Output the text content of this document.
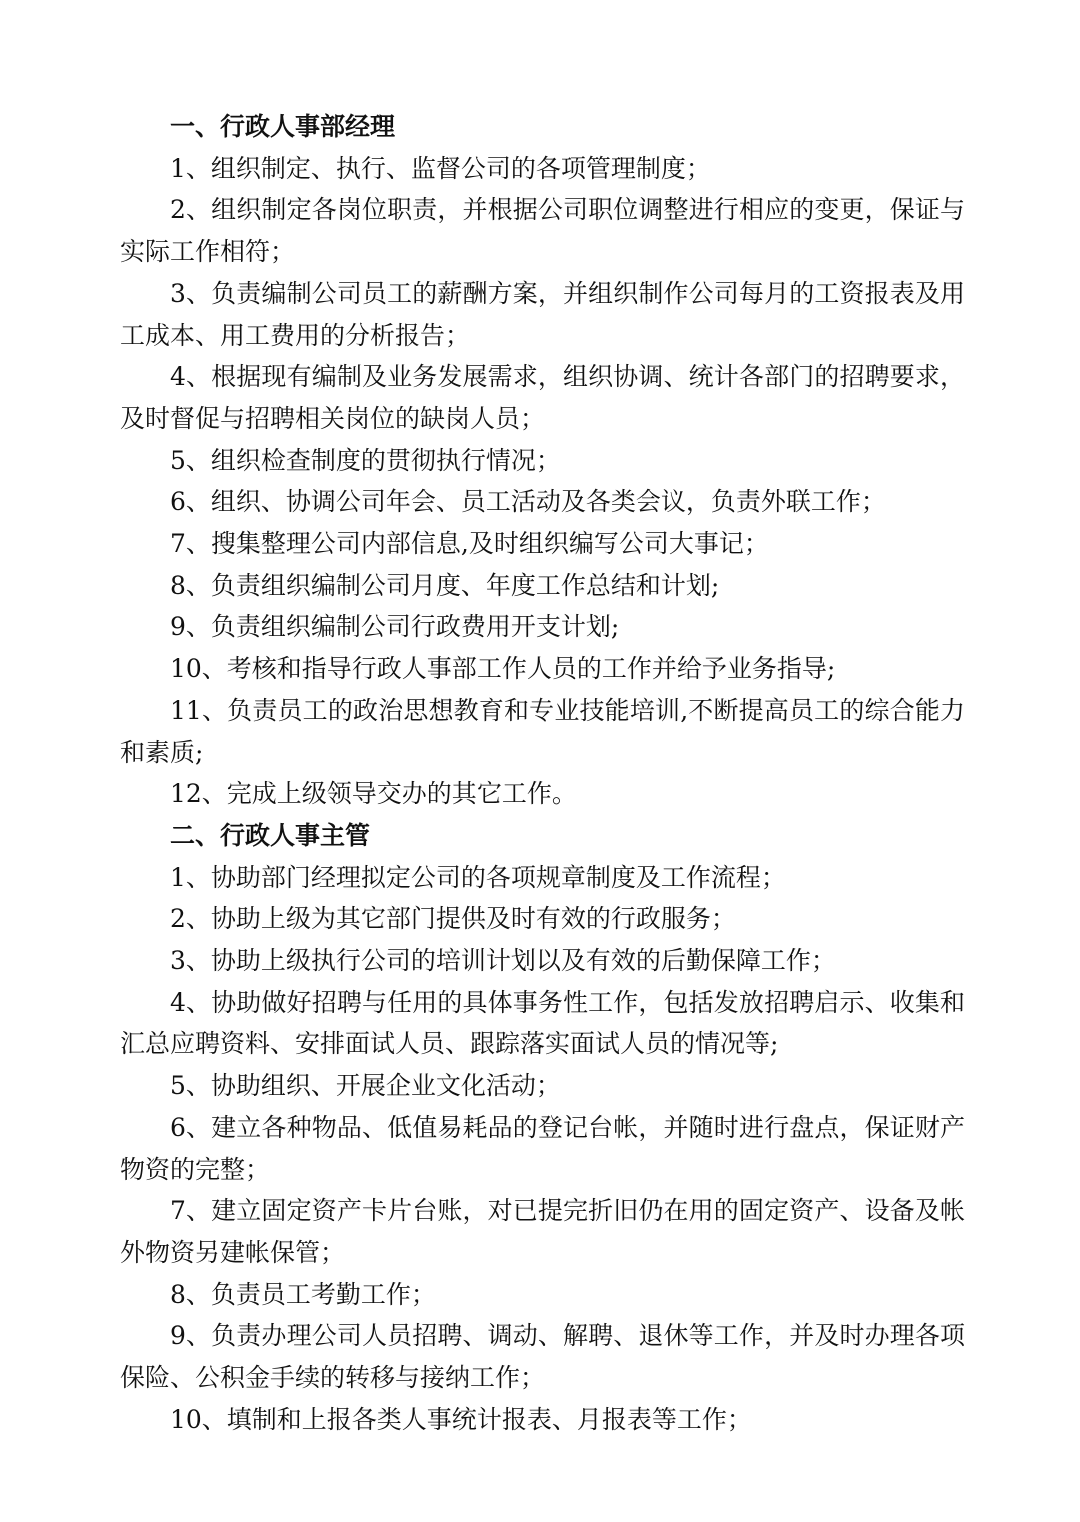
一、行政人事部经理

1、组织制定、执行、监督公司的各项管理制度；

2、组织制定各岗位职责，并根据公司职位调整进行相应的变更，保证与实际工作相符；

3、负责编制公司员工的薪酬方案，并组织制作公司每月的工资报表及用工成本、用工费用的分析报告；

4、根据现有编制及业务发展需求，组织协调、统计各部门的招聘要求，及时督促与招聘相关岗位的缺岗人员；

5、组织检查制度的贯彻执行情况；

6、组织、协调公司年会、员工活动及各类会议，负责外联工作；

7、搜集整理公司内部信息,及时组织编写公司大事记；

8、负责组织编制公司月度、年度工作总结和计划;

9、负责组织编制公司行政费用开支计划;

10、考核和指导行政人事部工作人员的工作并给予业务指导;

11、负责员工的政治思想教育和专业技能培训,不断提高员工的综合能力和素质;

12、完成上级领导交办的其它工作。

二、行政人事主管

1、协助部门经理拟定公司的各项规章制度及工作流程；

2、协助上级为其它部门提供及时有效的行政服务；

3、协助上级执行公司的培训计划以及有效的后勤保障工作；

4、协助做好招聘与任用的具体事务性工作，包括发放招聘启示、收集和汇总应聘资料、安排面试人员、跟踪落实面试人员的情况等;

5、协助组织、开展企业文化活动；

6、建立各种物品、低值易耗品的登记台帐，并随时进行盘点，保证财产物资的完整；

7、建立固定资产卡片台账，对已提完折旧仍在用的固定资产、设备及帐外物资另建帐保管；

8、负责员工考勤工作；

9、负责办理公司人员招聘、调动、解聘、退休等工作，并及时办理各项保险、公积金手续的转移与接纳工作；

10、填制和上报各类人事统计报表、月报表等工作；
